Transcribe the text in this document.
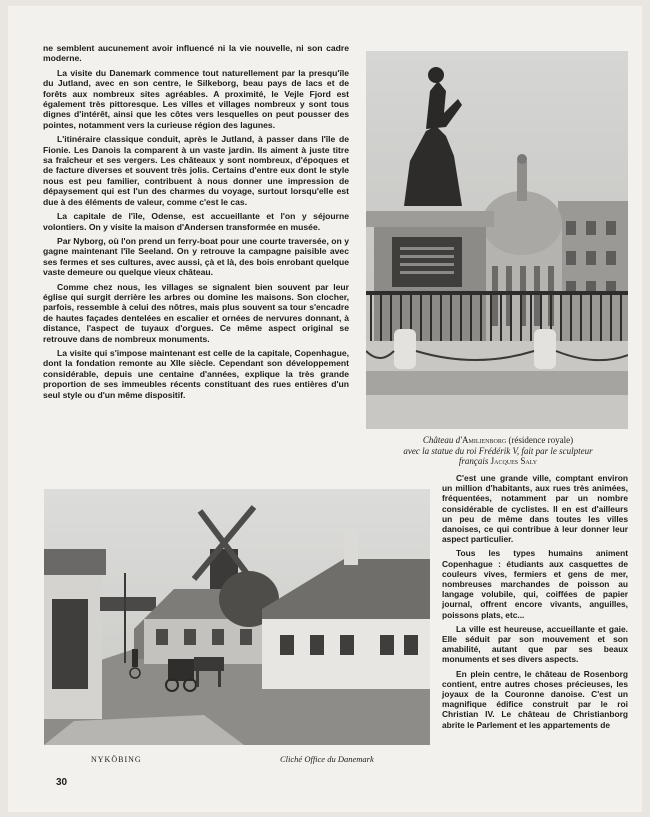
ne semblent aucunement avoir influencé ni la vie nouvelle, ni son cadre moderne.

La visite du Danemark commence tout naturellement par la presqu'île du Jutland, avec en son centre, le Silkeborg, beau pays de lacs et de forêts aux nombreux sites agréables. A proximité, le Vejle Fjord est également très pittoresque. Les villes et villages nombreux y sont tous dignes d'intérêt, ainsi que les côtes vers lesquelles on peut pousser des pointes, notamment vers la curieuse région des lagunes.

L'itinéraire classique conduit, après le Jutland, à passer dans l'île de Fionie. Les Danois la comparent à un vaste jardin. Ils aiment à juste titre sa fraîcheur et ses vergers. Les châteaux y sont nombreux, d'époques et de facture diverses et souvent très jolis. Certains d'entre eux dont le style nous est peu familier, contribuent à nous donner une impression de dépaysement qui est l'un des charmes du voyage, surtout lorsqu'elle est due à des éléments de valeur, comme c'est le cas.

La capitale de l'île, Odense, est accueillante et l'on y séjourne volontiers. On y visite la maison d'Andersen transformée en musée.

Par Nyborg, où l'on prend un ferry-boat pour une courte traversée, on y gagne maintenant l'île Seeland. On y retrouve la campagne paisible avec ses fermes et ses cultures, avec aussi, çà et là, des bois enrobant quelque vaste demeure ou quelque vieux château.

Comme chez nous, les villages se signalent bien souvent par leur église qui surgit derrière les arbres ou domine les maisons. Son clocher, parfois, ressemble à celui des nôtres, mais plus souvent sa tour s'encadre de hautes façades dentelées en escalier et ornées de nervures donnant, à distance, l'aspect de tuyaux d'orgues. Ce même aspect original se retrouve dans de nombreux monuments.

La visite qui s'impose maintenant est celle de la capitale, Copenhague, dont la fondation remonte au XIIe siècle. Cependant son développement considérable, depuis une centaine d'années, explique la très grande proportion de ses immeubles récents constituant des rues entières d'un seul style ou d'un même dispositif.

Château d'Amilienborg (résidence royale)
avec la statue du roi Frédérik V, fait par le sculpteur
français Jacques Saly

C'est une grande ville, comptant environ un million d'habitants, aux rues très animées, fréquentées, notamment par un nombre considérable de cyclistes. Il en est d'ailleurs un peu de même dans toutes les villes danoises, ce qui contribue à leur donner leur aspect particulier.

Tous les types humains animent Copenhague : étudiants aux casquettes de couleurs vives, fermiers et gens de mer, nombreuses marchandes de poisson au langage volubile, qui, coiffées de papier journal, offrent encore vivants, anguilles, poissons plats, etc...

La ville est heureuse, accueillante et gaie. Elle séduit par son mouvement et son amabilité, autant que par ses beaux monuments et ses divers aspects.

En plein centre, le château de Rosenborg contient, entre autres choses précieuses, les joyaux de la Couronne danoise. C'est un magnifique édifice construit par le roi Christian IV. Le château de Christianborg abrite le Parlement et les appartements de

NYKÖBING	Cliché Office du Danemark
30
